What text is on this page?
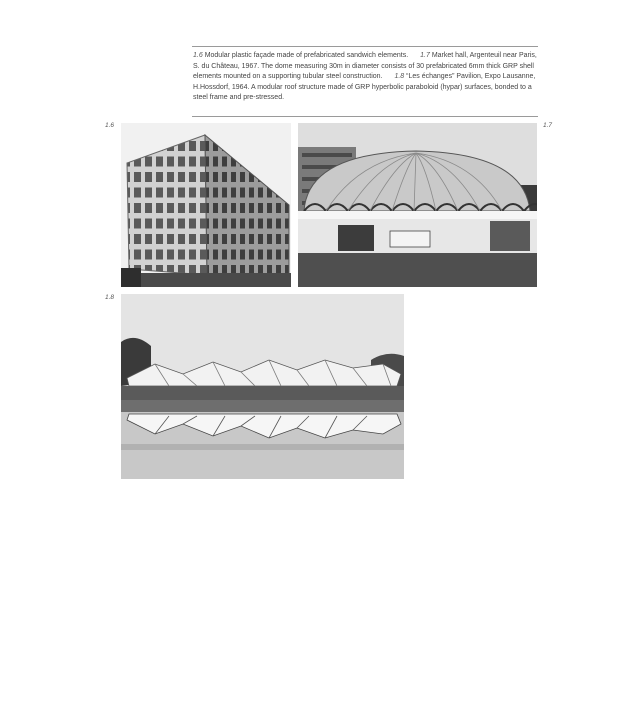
1.6 Modular plastic façade made of prefabricated sandwich elements. 1.7 Market hall, Argenteuil near Paris, S. du Château, 1967. The dome measuring 30m in diameter consists of 30 prefabricated 6mm thick GRP shell elements mounted on a supporting tubular steel construction. 1.8 “Les échanges” Pavilion, Expo Lausanne, H.Hossdorf, 1964. A modular roof structure made of GRP hyperbolic paraboloid (hypar) surfaces, bonded to a steel frame and pre-stressed.

1.6	1.7
1.8
